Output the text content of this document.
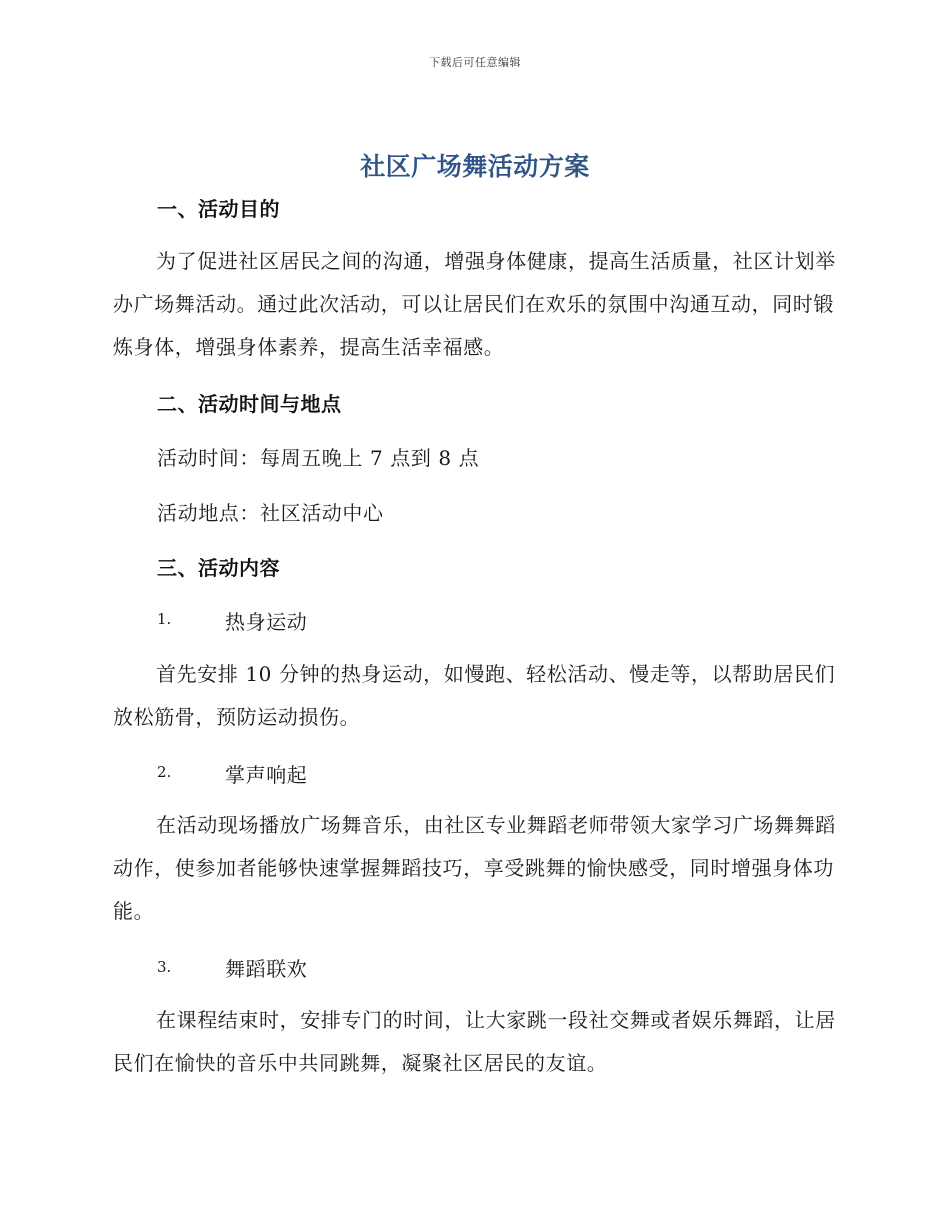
下载后可任意编辑
社区广场舞活动方案
一、活动目的
为了促进社区居民之间的沟通，增强身体健康，提高生活质量，社区计划举办广场舞活动。通过此次活动，可以让居民们在欢乐的氛围中沟通互动，同时锻炼身体，增强身体素养，提高生活幸福感。
二、活动时间与地点
活动时间：每周五晚上 7 点到 8 点
活动地点：社区活动中心
三、活动内容
1.	热身运动
首先安排 10 分钟的热身运动，如慢跑、轻松活动、慢走等，以帮助居民们放松筋骨，预防运动损伤。
2.	掌声响起
在活动现场播放广场舞音乐，由社区专业舞蹈老师带领大家学习广场舞舞蹈动作，使参加者能够快速掌握舞蹈技巧，享受跳舞的愉快感受，同时增强身体功能。
3.	舞蹈联欢
在课程结束时，安排专门的时间，让大家跳一段社交舞或者娱乐舞蹈，让居民们在愉快的音乐中共同跳舞，凝聚社区居民的友谊。
